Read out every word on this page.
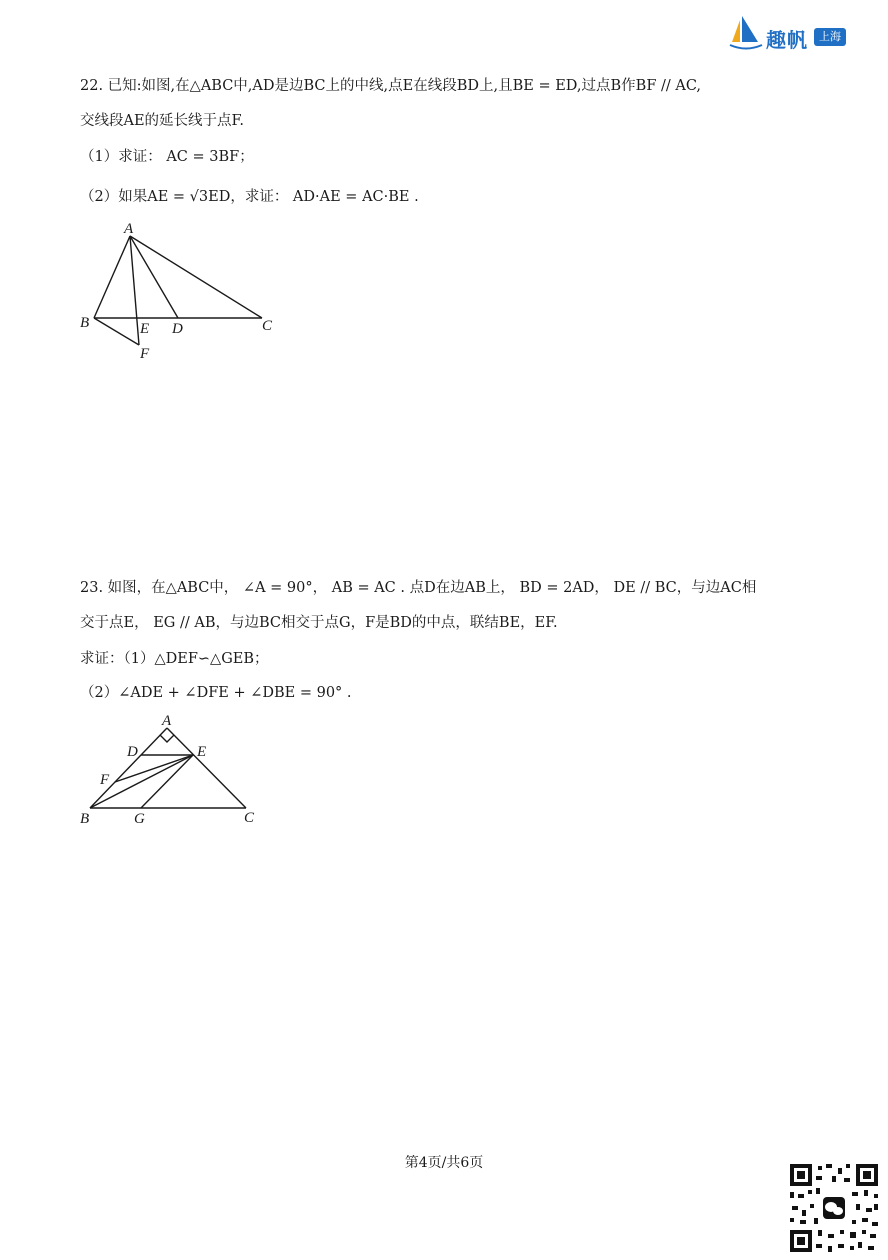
趣帆	上海
22. 已知:如图,在△ABC中,AD是边BC上的中线,点E在线段BD上,且BE = ED,过点B作BF // AC,
交线段AE的延长线于点F.
（1）求证： AC = 3BF；
（2）如果AE = √3ED，求证： AD·AE = AC·BE .
A
B	E D	C
F
23. 如图，在△ABC中， ∠A = 90°， AB = AC . 点D在边AB上， BD = 2AD， DE // BC，与边AC相
交于点E， EG // AB，与边BC相交于点G，F是BD的中点，联结BE，EF.
求证：（1）△DEF∽△GEB；
（2）∠ADE + ∠DFE + ∠DBE = 90° .
A
D	E
F
B	G	C
第4页/共6页
